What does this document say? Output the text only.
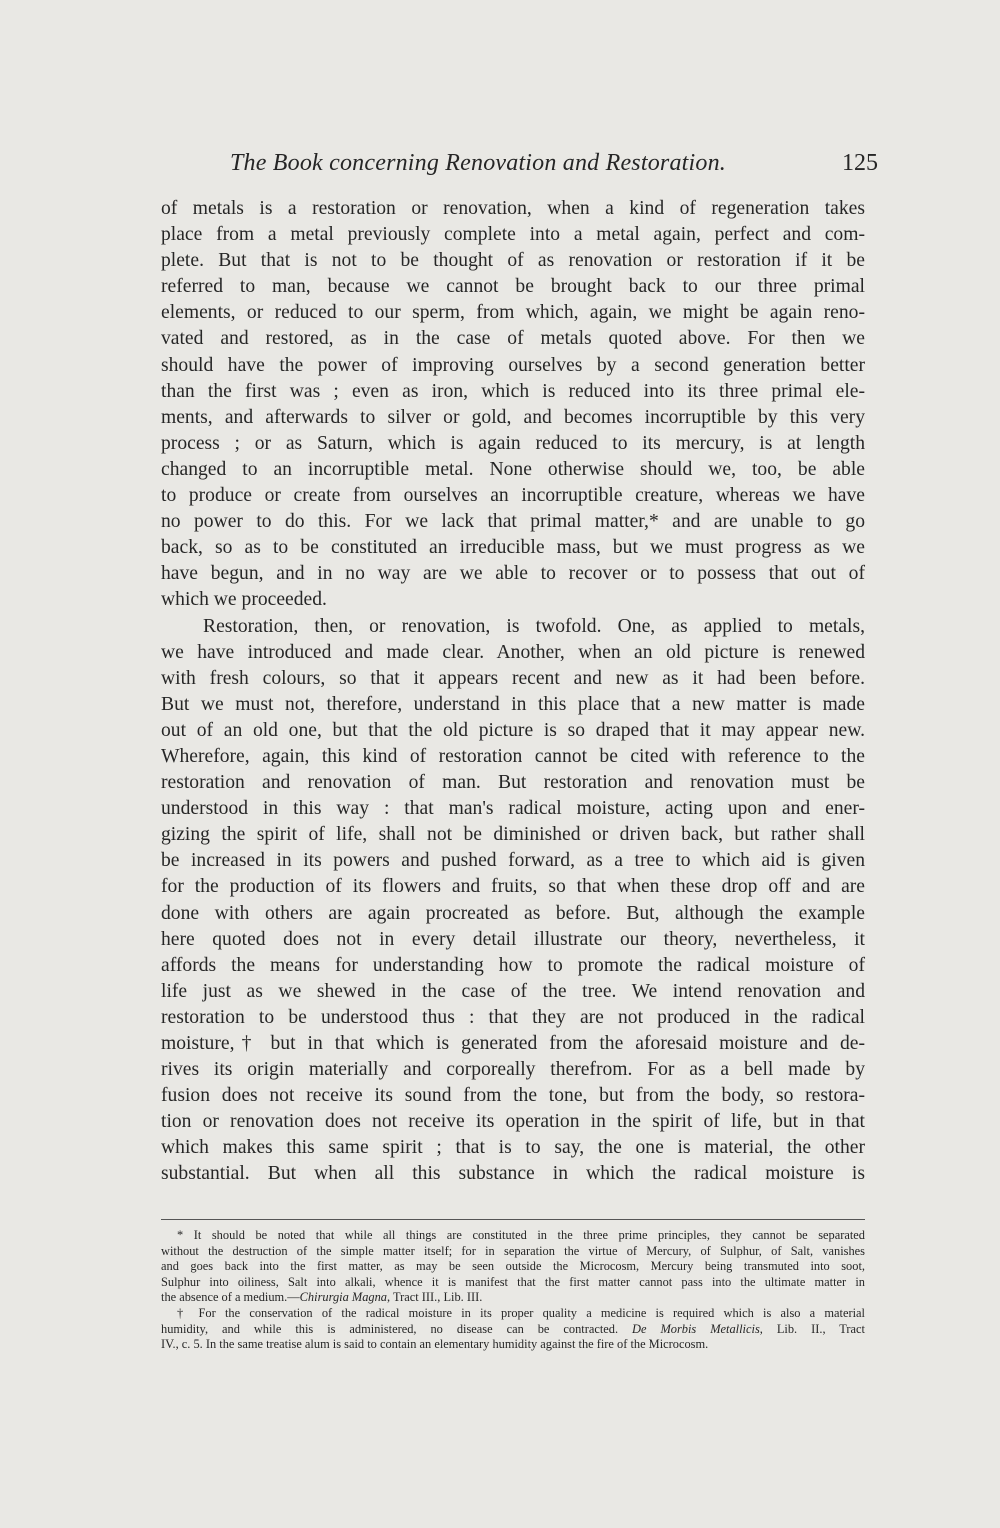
The Book concerning Renovation and Restoration.	125
of metals is a restoration or renovation, when a kind of regeneration takes
place from a metal previously complete into a metal again, perfect and com-
plete. But that is not to be thought of as renovation or restoration if it be
referred to man, because we cannot be brought back to our three primal
elements, or reduced to our sperm, from which, again, we might be again reno-
vated and restored, as in the case of metals quoted above. For then we
should have the power of improving ourselves by a second generation better
than the first was ; even as iron, which is reduced into its three primal ele-
ments, and afterwards to silver or gold, and becomes incorruptible by this very
process ; or as Saturn, which is again reduced to its mercury, is at length
changed to an incorruptible metal. None otherwise should we, too, be able
to produce or create from ourselves an incorruptible creature, whereas we have
no power to do this. For we lack that primal matter,* and are unable to go
back, so as to be constituted an irreducible mass, but we must progress as we
have begun, and in no way are we able to recover or to possess that out of
which we proceeded.
Restoration, then, or renovation, is twofold. One, as applied to metals,
we have introduced and made clear. Another, when an old picture is renewed
with fresh colours, so that it appears recent and new as it had been before.
But we must not, therefore, understand in this place that a new matter is made
out of an old one, but that the old picture is so draped that it may appear new.
Wherefore, again, this kind of restoration cannot be cited with reference to the
restoration and renovation of man. But restoration and renovation must be
understood in this way : that man's radical moisture, acting upon and ener-
gizing the spirit of life, shall not be diminished or driven back, but rather shall
be increased in its powers and pushed forward, as a tree to which aid is given
for the production of its flowers and fruits, so that when these drop off and are
done with others are again procreated as before. But, although the example
here quoted does not in every detail illustrate our theory, nevertheless, it
affords the means for understanding how to promote the radical moisture of
life just as we shewed in the case of the tree. We intend renovation and
restoration to be understood thus : that they are not produced in the radical
moisture,† but in that which is generated from the aforesaid moisture and de-
rives its origin materially and corporeally therefrom. For as a bell made by
fusion does not receive its sound from the tone, but from the body, so restora-
tion or renovation does not receive its operation in the spirit of life, but in that
which makes this same spirit ; that is to say, the one is material, the other
substantial. But when all this substance in which the radical moisture is
* It should be noted that while all things are constituted in the three prime principles, they cannot be separated
without the destruction of the simple matter itself; for in separation the virtue of Mercury, of Sulphur, of Salt, vanishes
and goes back into the first matter, as may be seen outside the Microcosm, Mercury being transmuted into soot,
Sulphur into oiliness, Salt into alkali, whence it is manifest that the first matter cannot pass into the ultimate matter in
the absence of a medium.—Chirurgia Magna, Tract III., Lib. III.
† For the conservation of the radical moisture in its proper quality a medicine is required which is also a material
humidity, and while this is administered, no disease can be contracted. De Morbis Metallicis, Lib. II., Tract
IV., c. 5. In the same treatise alum is said to contain an elementary humidity against the fire of the Microcosm.
